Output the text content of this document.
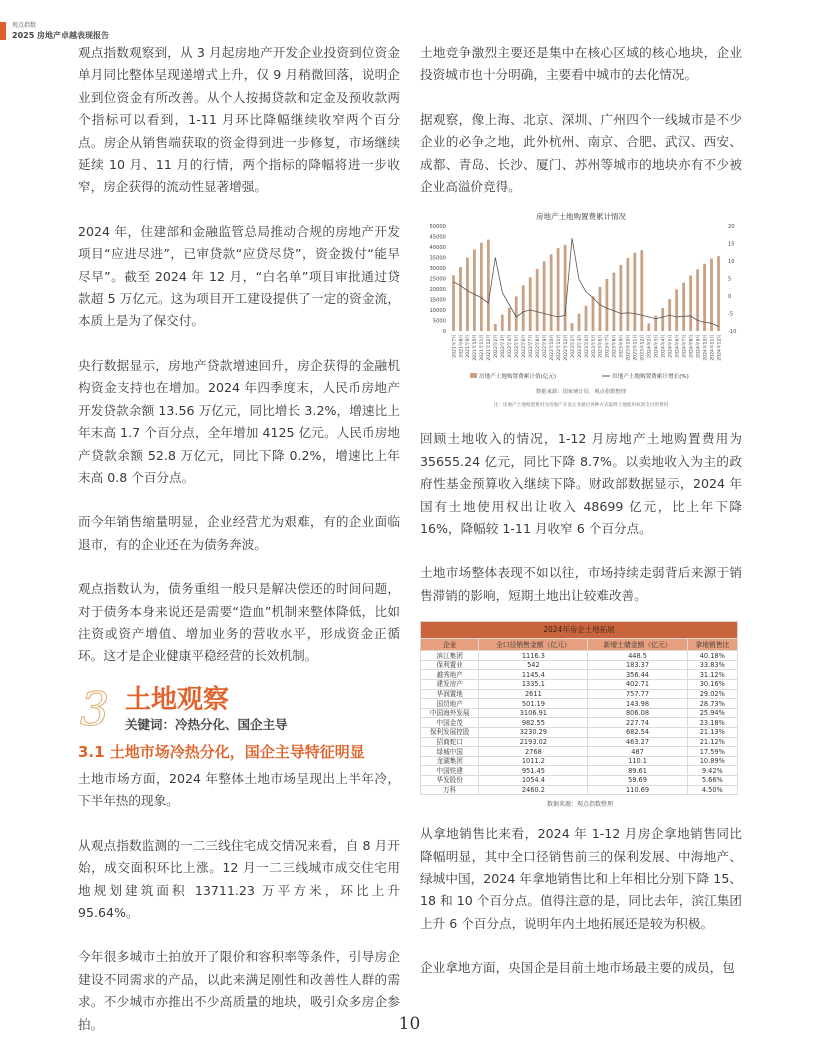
观点指数
2025 房地产卓越表现报告
观点指数观察到，从 3 月起房地产开发企业投资到位资金单月同比整体呈现递增式上升，仅 9 月稍微回落，说明企业到位资金有所改善。从个人按揭贷款和定金及预收款两个指标可以看到，1-11 月环比降幅继续收窄两个百分点。房企从销售端获取的资金得到进一步修复，市场继续延续 10 月、11 月的行情，两个指标的降幅将进一步收窄，房企获得的流动性显著增强。
2024 年，住建部和金融监管总局推动合规的房地产开发项目“应进尽进”，已审贷款“应贷尽贷”，资金拨付“能早尽早”。截至 2024 年 12 月，“白名单”项目审批通过贷款超 5 万亿元。这为项目开工建设提供了一定的资金流，本质上是为了保交付。
央行数据显示，房地产贷款增速回升，房企获得的金融机构资金支持也在增加。2024 年四季度末，人民币房地产开发贷款余额 13.56 万亿元，同比增长 3.2%，增速比上年末高 1.7 个百分点，全年增加 4125 亿元。人民币房地产贷款余额 52.8 万亿元，同比下降 0.2%，增速比上年末高 0.8 个百分点。
而今年销售缩量明显，企业经营尤为艰难，有的企业面临退市，有的企业还在为债务奔波。
观点指数认为，债务重组一般只是解决偿还的时间问题，对于债务本身来说还是需要“造血”机制来整体降低，比如注资或资产增值、增加业务的营收水平，形成资金正循环。这才是企业健康平稳经营的长效机制。
3 土地观察
关键词：冷热分化、国企主导
3.1 土地市场冷热分化，国企主导特征明显
土地市场方面，2024 年整体土地市场呈现出上半年冷，下半年热的现象。
从观点指数监测的一二三线住宅成交情况来看，自 8 月开始，成交面积环比上涨。12 月一二三线城市成交住宅用地规划建筑面积 13711.23 万平方米，环比上升 95.64%。
今年很多城市土拍放开了限价和容积率等条件，引导房企建设不同需求的产品，以此来满足刚性和改善性人群的需求。不少城市亦推出不少高质量的地块，吸引众多房企参拍。
土地竞争激烈主要还是集中在核心区域的核心地块，企业投资城市也十分明确，主要看中城市的去化情况。
据观察，像上海、北京、深圳、广州四个一线城市是不少企业的必争之地，此外杭州、南京、合肥、武汉、西安、成都、青岛、长沙、厦门、苏州等城市的地块亦有不少被企业高溢价竞得。
房地产土地购置费累计情况
0
5000
10000
15000
20000
25000
30000
35000
40000
45000
50000
-10
-5
0
5
10
15
20
2021年7月 2021年8月 2021年9月 2021年10月 2021年11月 2021年12月 2022年2月 2022年3月 2022年4月 2022年5月 2022年6月 2022年7月 2022年8月 2022年9月 2022年10月 2022年11月 2022年12月 2023年2月 2023年3月 2023年4月 2023年5月 2023年6月 2023年7月 2023年8月 2023年9月 2023年10月 2023年11月 2023年12月 2024年2月 2024年3月 2024年4月 2024年5月 2024年6月 2024年7月 2024年8月 2024年9月 2024年10月 2024年11月 2024年12月
房地产土地购置费累计值(亿元)	房地产土地购置费累计增长(%)
数据来源：国家统计局，观点指数整理
注：房地产土地购置费用为房地产开发企业通过各种方式取得土地使用权而支付的费用
回顾土地收入的情况，1-12 月房地产土地购置费用为 35655.24 亿元，同比下降 8.7%。以卖地收入为主的政府性基金预算收入继续下降。财政部数据显示，2024 年国有土地使用权出让收入 48699 亿元，比上年下降 16%，降幅较 1-11 月收窄 6 个百分点。
土地市场整体表现不如以往，市场持续走弱背后来源于销售滞销的影响，短期土地出让较难改善。
2024年房企土地拓展			
企业	全口径销售金额（亿元）	新增土储金额（亿元）	拿地销售比
滨江集团	1116.3	448.5	40.18%
保利置业	542	183.37	33.83%
越秀地产	1145.4	356.44	31.12%
建发房产	1335.1	402.71	30.16%
华润置地	2611	757.77	29.02%
国贸地产	501.19	143.98	28.73%
中国海外发展	3106.91	806.08	25.94%
中国金茂	982.55	227.74	23.18%
保利发展控股	3230.29	682.54	21.13%
招商蛇口	2193.02	463.27	21.12%
绿城中国	2768	487	17.59%
龙湖集团	1011.2	110.1	10.89%
中国铁建	951.45	89.61	9.42%
华发股份	1054.4	59.69	5.66%
万科	2460.2	110.69	4.50%
数据来源：观点指数整理
从拿地销售比来看，2024 年 1-12 月房企拿地销售同比降幅明显，其中全口径销售前三的保利发展、中海地产、绿城中国，2024 年拿地销售比和上年相比分别下降 15、18 和 10 个百分点。值得注意的是，同比去年，滨江集团上升 6 个百分点，说明年内土地拓展还是较为积极。
企业拿地方面，央国企是目前土地市场最主要的成员，包
10
